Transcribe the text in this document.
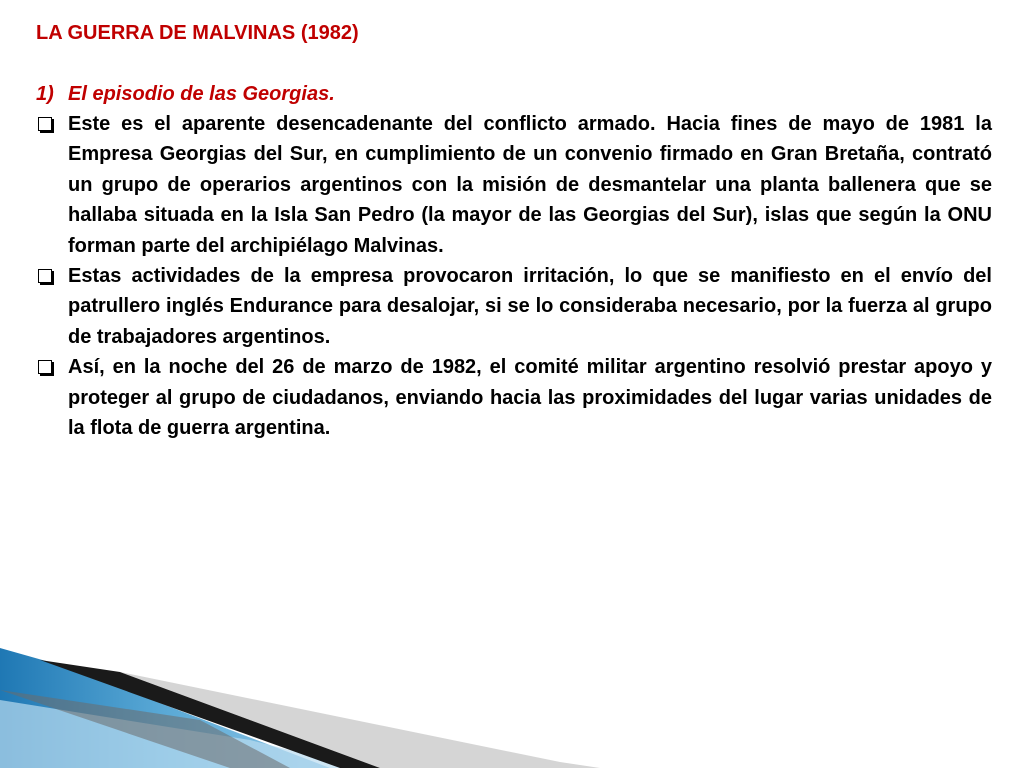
LA GUERRA DE MALVINAS (1982)
1) El episodio de las Georgias.
Este es el aparente desencadenante del conflicto armado. Hacia fines de mayo de 1981 la Empresa Georgias del Sur, en cumplimiento de un convenio firmado en Gran Bretaña, contrató un grupo de operarios argentinos con la misión de desmantelar una planta ballenera que se hallaba situada en la Isla San Pedro (la mayor de las Georgias del Sur), islas que según la ONU forman parte del archipiélago Malvinas.
Estas actividades de la empresa provocaron irritación, lo que se manifiesto en el envío del patrullero inglés Endurance para desalojar, si se lo consideraba necesario, por la fuerza al grupo de trabajadores argentinos.
Así, en la noche del 26 de marzo de 1982, el comité militar argentino resolvió prestar apoyo y proteger al grupo de ciudadanos, enviando hacia las proximidades del lugar varias unidades de la flota de guerra argentina.
